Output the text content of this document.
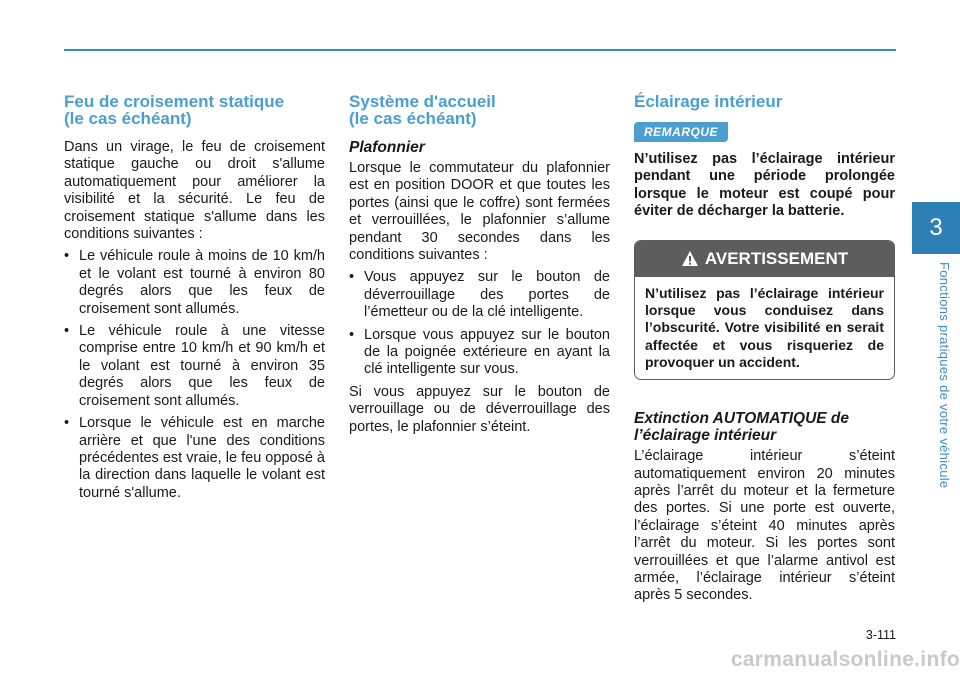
Feu de croisement statique
(le cas échéant)

Dans un virage, le feu de croisement statique gauche ou droit s'allume automatiquement pour améliorer la visibilité et la sécurité. Le feu de croisement statique s'allume dans les conditions suivantes :

• Le véhicule roule à moins de 10 km/h et le volant est tourné à environ 80 degrés alors que les feux de croisement sont allumés.
• Le véhicule roule à une vitesse comprise entre 10 km/h et 90 km/h et le volant est tourné à environ 35 degrés alors que les feux de croisement sont allumés.
• Lorsque le véhicule est en marche arrière et que l'une des conditions précédentes est vraie, le feu opposé à la direction dans laquelle le volant est tourné s'allume.
Système d'accueil
(le cas échéant)
Plafonnier

Lorsque le commutateur du plafonnier est en position DOOR et que toutes les portes (ainsi que le coffre) sont fermées et verrouillées, le plafonnier s’allume pendant 30 secondes dans les conditions suivantes :

• Vous appuyez sur le bouton de déverrouillage des portes de l’émetteur ou de la clé intelligente.
• Lorsque vous appuyez sur le bouton de la poignée extérieure en ayant la clé intelligente sur vous.

Si vous appuyez sur le bouton de verrouillage ou de déverrouillage des portes, le plafonnier s’éteint.

Éclairage intérieur
REMARQUE

N’utilisez pas l’éclairage intérieur pendant une période prolongée lorsque le moteur est coupé pour éviter de décharger la batterie.

AVERTISSEMENT
N’utilisez pas l’éclairage intérieur lorsque vous conduisez dans l’obscurité. Votre visibilité en serait affectée et vous risqueriez de provoquer un accident.
Extinction AUTOMATIQUE de
l’éclairage intérieur

L’éclairage intérieur s’éteint automatiquement environ 20 minutes après l’arrêt du moteur et la fermeture des portes. Si une porte est ouverte, l’éclairage s’éteint 40 minutes après l’arrêt du moteur. Si les portes sont verrouillées et que l’alarme antivol est armée, l’éclairage intérieur s’éteint après 5 secondes.

3
Fonctions pratiques de votre véhicule
3-111
carmanualsonline.info
